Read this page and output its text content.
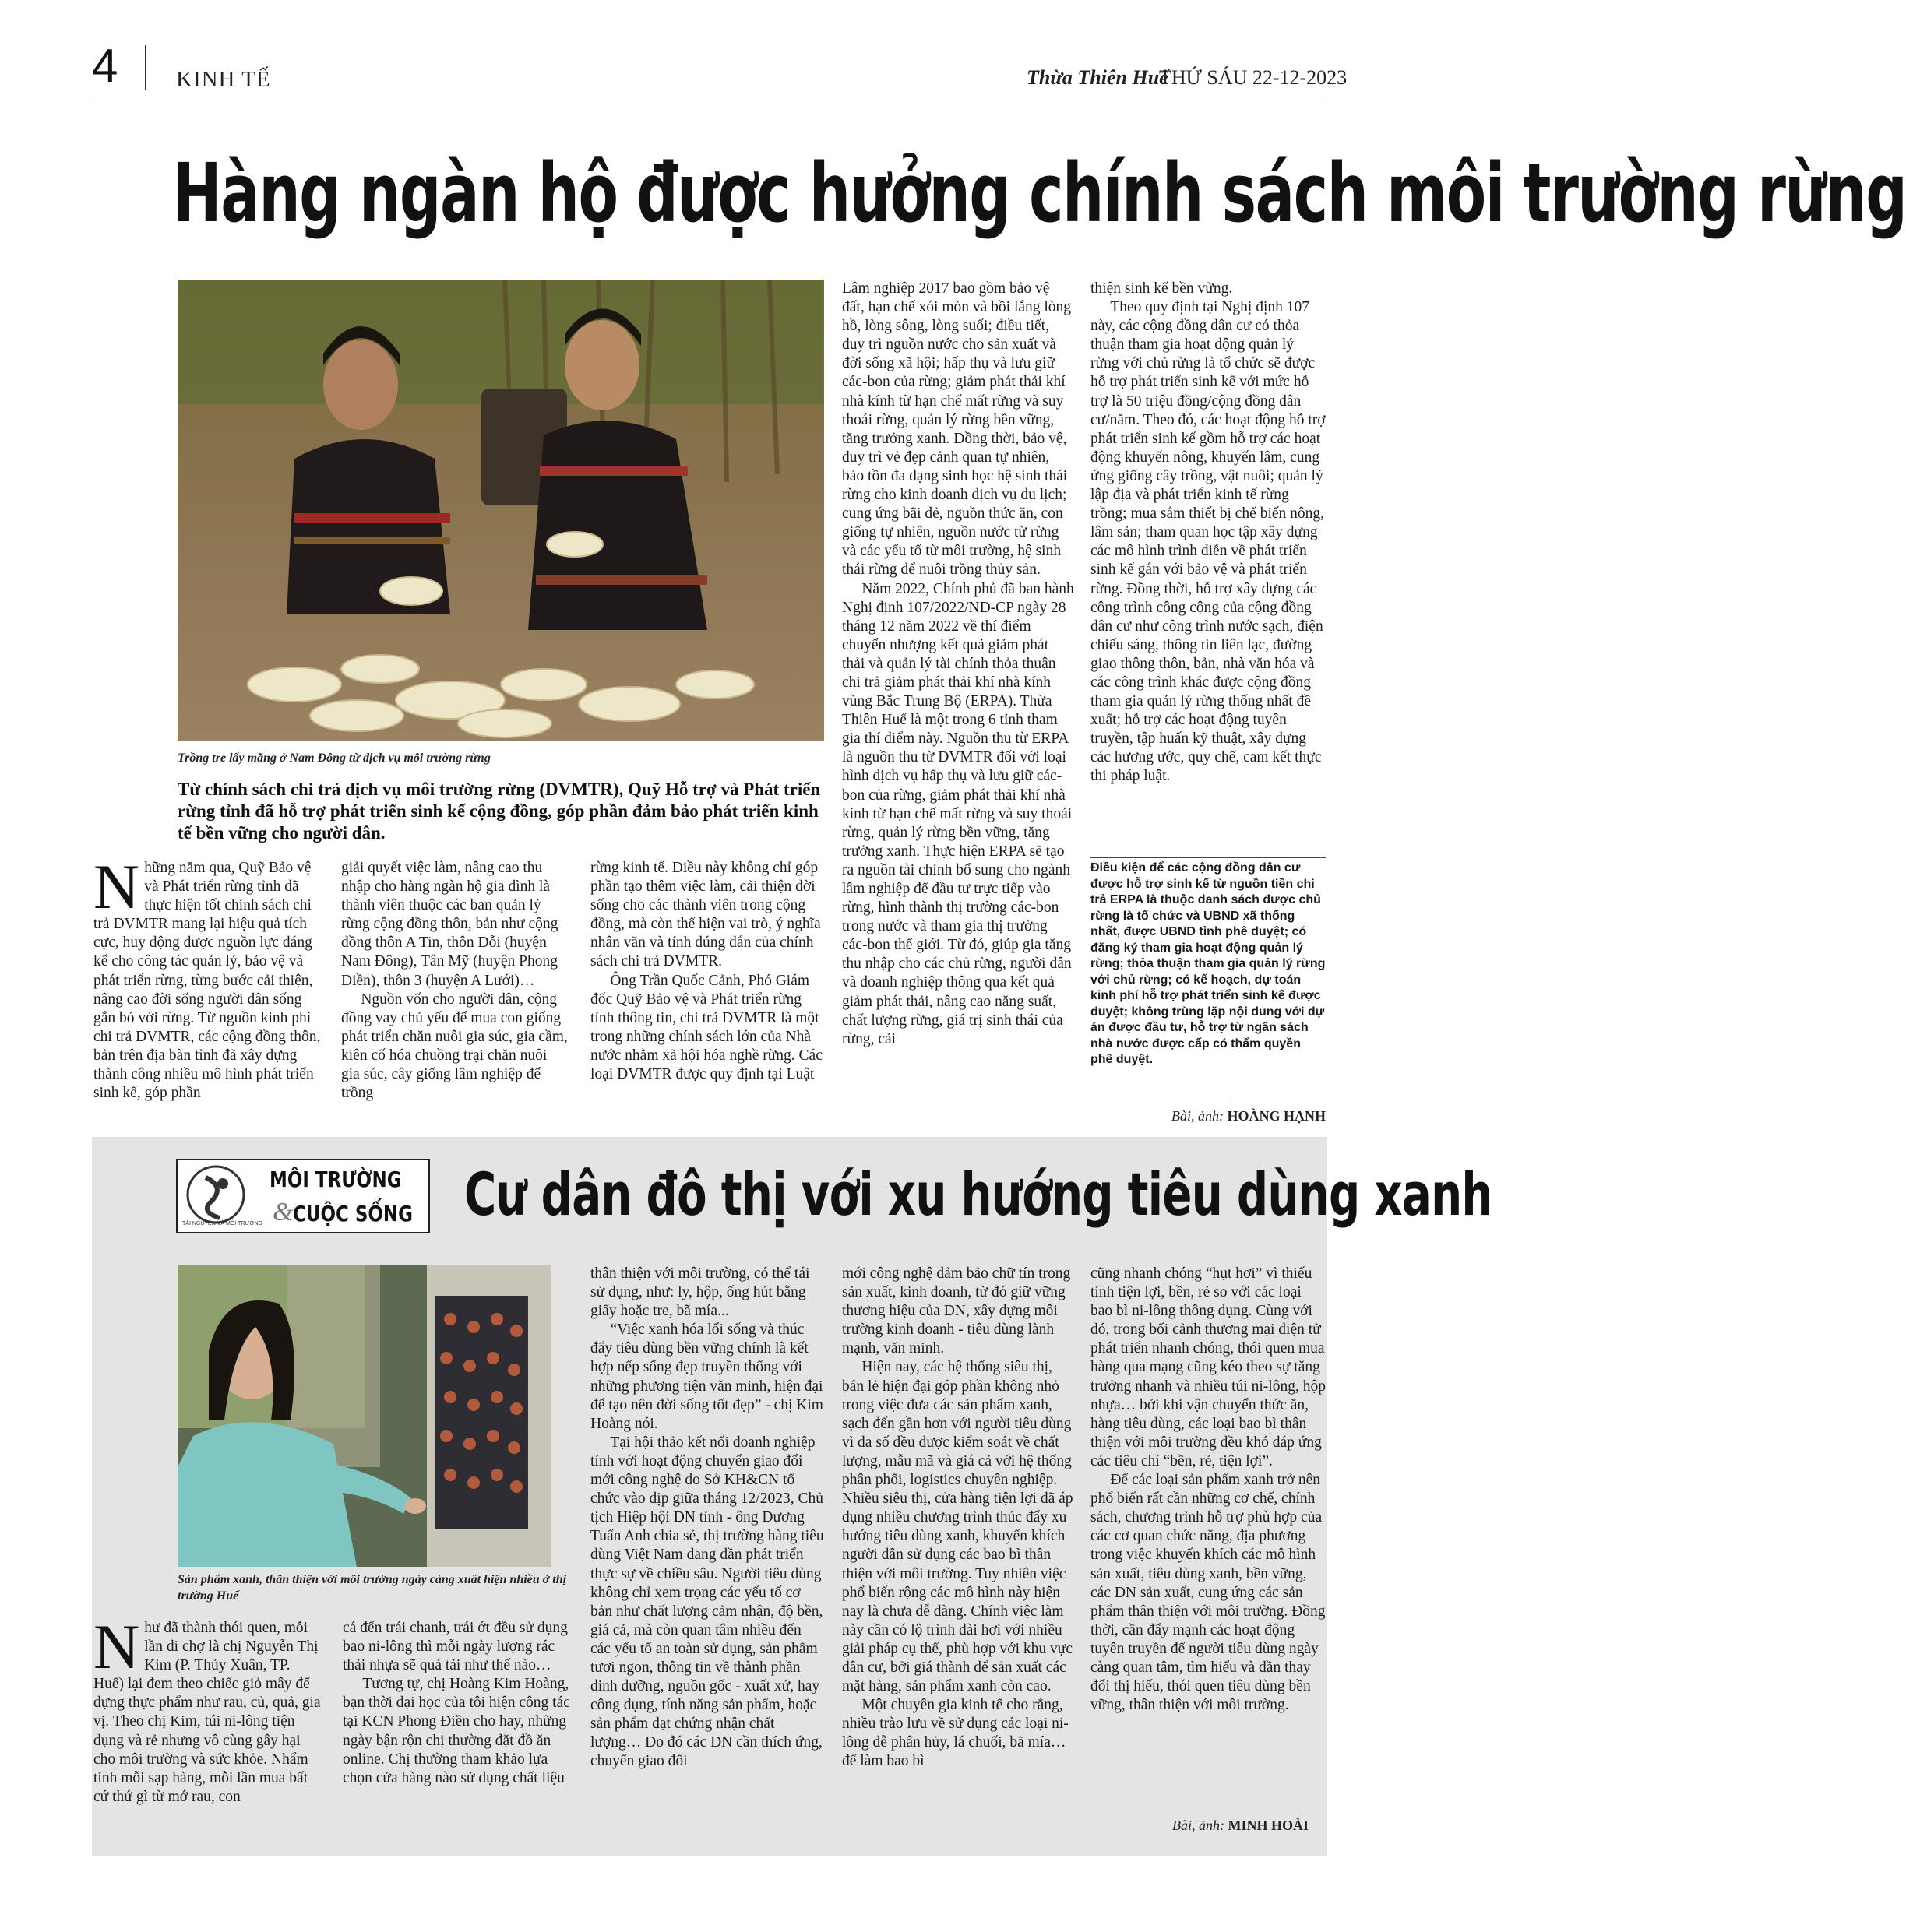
4	KINH TẾ	Thừa Thiên Huế
THỨ SÁU 22-12-2023
Hàng ngàn hộ được hưởng chính sách môi trường rừng
Trồng tre lấy măng ở Nam Đông từ dịch vụ môi trường rừng
Từ chính sách chi trả dịch vụ môi trường rừng (DVMTR), Quỹ Hỗ trợ và Phát triển rừng tỉnh đã hỗ trợ phát triển sinh kế cộng đồng, góp phần đảm bảo phát triển kinh tế bền vững cho người dân.

Những năm qua, Quỹ Bảo vệ và Phát triển rừng tỉnh đã thực hiện tốt chính sách chi trả DVMTR mang lại hiệu quả tích cực, huy động được nguồn lực đáng kể cho công tác quản lý, bảo vệ và phát triển rừng, từng bước cải thiện, nâng cao đời sống người dân sống gắn bó với rừng. Từ nguồn kinh phí chi trả DVMTR, các cộng đồng thôn, bản trên địa bàn tỉnh đã xây dựng thành công nhiều mô hình phát triển sinh kế, góp phần

giải quyết việc làm, nâng cao thu nhập cho hàng ngàn hộ gia đình là thành viên thuộc các ban quản lý rừng cộng đồng thôn, bản như cộng đồng thôn A Tin, thôn Dỗi (huyện Nam Đông), Tân Mỹ (huyện Phong Điền), thôn 3 (huyện A Lưới)…

Nguồn vốn cho người dân, cộng đồng vay chủ yếu để mua con giống phát triển chăn nuôi gia súc, gia cầm, kiên cố hóa chuồng trại chăn nuôi gia súc, cây giống lâm nghiệp để trồng

rừng kinh tế. Điều này không chỉ góp phần tạo thêm việc làm, cải thiện đời sống cho các thành viên trong cộng đồng, mà còn thể hiện vai trò, ý nghĩa nhân văn và tính đúng đắn của chính sách chi trả DVMTR.

Ông Trần Quốc Cảnh, Phó Giám đốc Quỹ Bảo vệ và Phát triển rừng tỉnh thông tin, chi trả DVMTR là một trong những chính sách lớn của Nhà nước nhằm xã hội hóa nghề rừng. Các loại DVMTR được quy định tại Luật

Lâm nghiệp 2017 bao gồm bảo vệ đất, hạn chế xói mòn và bồi lắng lòng hồ, lòng sông, lòng suối; điều tiết, duy trì nguồn nước cho sản xuất và đời sống xã hội; hấp thụ và lưu giữ các-bon của rừng; giảm phát thải khí nhà kính từ hạn chế mất rừng và suy thoái rừng, quản lý rừng bền vững, tăng trưởng xanh. Đồng thời, bảo vệ, duy trì vẻ đẹp cảnh quan tự nhiên, bảo tồn đa dạng sinh học hệ sinh thái rừng cho kinh doanh dịch vụ du lịch; cung ứng bãi đẻ, nguồn thức ăn, con giống tự nhiên, nguồn nước từ rừng và các yếu tố từ môi trường, hệ sinh thái rừng để nuôi trồng thủy sản.

Năm 2022, Chính phủ đã ban hành Nghị định 107/2022/NĐ-CP ngày 28 tháng 12 năm 2022 về thí điểm chuyển nhượng kết quả giảm phát thải và quản lý tài chính thỏa thuận chi trả giảm phát thải khí nhà kính vùng Bắc Trung Bộ (ERPA). Thừa Thiên Huế là một trong 6 tỉnh tham gia thí điểm này. Nguồn thu từ ERPA là nguồn thu từ DVMTR đối với loại hình dịch vụ hấp thụ và lưu giữ các-bon của rừng, giảm phát thải khí nhà kính từ hạn chế mất rừng và suy thoái rừng, quản lý rừng bền vững, tăng trưởng xanh. Thực hiện ERPA sẽ tạo ra nguồn tài chính bổ sung cho ngành lâm nghiệp để đầu tư trực tiếp vào rừng, hình thành thị trường các-bon trong nước và tham gia thị trường các-bon thế giới. Từ đó, giúp gia tăng thu nhập cho các chủ rừng, người dân và doanh nghiệp thông qua kết quả giảm phát thải, nâng cao năng suất, chất lượng rừng, giá trị sinh thái của rừng, cải

thiện sinh kế bền vững.

Theo quy định tại Nghị định 107 này, các cộng đồng dân cư có thỏa thuận tham gia hoạt động quản lý rừng với chủ rừng là tổ chức sẽ được hỗ trợ phát triển sinh kế với mức hỗ trợ là 50 triệu đồng/cộng đồng dân cư/năm. Theo đó, các hoạt động hỗ trợ phát triển sinh kế gồm hỗ trợ các hoạt động khuyến nông, khuyến lâm, cung ứng giống cây trồng, vật nuôi; quản lý lập địa và phát triển kinh tế rừng trồng; mua sắm thiết bị chế biến nông, lâm sản; tham quan học tập xây dựng các mô hình trình diễn về phát triển sinh kế gắn với bảo vệ và phát triển rừng. Đồng thời, hỗ trợ xây dựng các công trình công cộng của cộng đồng dân cư như công trình nước sạch, điện chiếu sáng, thông tin liên lạc, đường giao thông thôn, bản, nhà văn hóa và các công trình khác được cộng đồng tham gia quản lý rừng thống nhất đề xuất; hỗ trợ các hoạt động tuyên truyền, tập huấn kỹ thuật, xây dựng các hương ước, quy chế, cam kết thực thi pháp luật.

Điều kiện để các cộng đồng dân cư được hỗ trợ sinh kế từ nguồn tiền chi trả ERPA là thuộc danh sách được chủ rừng là tổ chức và UBND xã thống nhất, được UBND tỉnh phê duyệt; có đăng ký tham gia hoạt động quản lý rừng; thỏa thuận tham gia quản lý rừng với chủ rừng; có kế hoạch, dự toán kinh phí hỗ trợ phát triển sinh kế được duyệt; không trùng lặp nội dung với dự án được đầu tư, hỗ trợ từ ngân sách nhà nước được cấp có thẩm quyền phê duyệt.
Bài, ảnh: HOÀNG HẠNH
MÔI TRƯỜNG
& CUỘC SỐNG
TÀI NGUYÊN VÀ MÔI TRƯỜNG	Cư dân đô thị với xu hướng tiêu dùng xanh
Sản phẩm xanh, thân thiện với môi trường ngày càng xuất hiện nhiều ở thị trường Huế

Như đã thành thói quen, mỗi lần đi chợ là chị Nguyễn Thị Kim (P. Thủy Xuân, TP. Huế) lại đem theo chiếc giỏ mây để đựng thực phẩm như rau, củ, quả, gia vị. Theo chị Kim, túi ni-lông tiện dụng và rẻ nhưng vô cùng gây hại cho môi trường và sức khỏe. Nhẩm tính mỗi sạp hàng, mỗi lần mua bất cứ thứ gì từ mớ rau, con

cá đến trái chanh, trái ớt đều sử dụng bao ni-lông thì mỗi ngày lượng rác thải nhựa sẽ quá tải như thế nào…

Tương tự, chị Hoàng Kim Hoàng, bạn thời đại học của tôi hiện công tác tại KCN Phong Điền cho hay, những ngày bận rộn chị thường đặt đồ ăn online. Chị thường tham khảo lựa chọn cửa hàng nào sử dụng chất liệu

thân thiện với môi trường, có thể tái sử dụng, như: ly, hộp, ống hút bằng giấy hoặc tre, bã mía...

“Việc xanh hóa lối sống và thúc đẩy tiêu dùng bền vững chính là kết hợp nếp sống đẹp truyền thống với những phương tiện văn minh, hiện đại để tạo nên đời sống tốt đẹp” - chị Kim Hoàng nói.

Tại hội thảo kết nối doanh nghiệp tỉnh với hoạt động chuyển giao đổi mới công nghệ do Sở KH&CN tổ chức vào dịp giữa tháng 12/2023, Chủ tịch Hiệp hội DN tỉnh - ông Dương Tuấn Anh chia sẻ, thị trường hàng tiêu dùng Việt Nam đang dần phát triển thực sự về chiều sâu. Người tiêu dùng không chỉ xem trọng các yếu tố cơ bản như chất lượng cảm nhận, độ bền, giá cả, mà còn quan tâm nhiều đến các yếu tố an toàn sử dụng, sản phẩm tươi ngon, thông tin về thành phần dinh dưỡng, nguồn gốc - xuất xứ, hay công dụng, tính năng sản phẩm, hoặc sản phẩm đạt chứng nhận chất lượng… Do đó các DN cần thích ứng, chuyển giao đổi

mới công nghệ đảm bảo chữ tín trong sản xuất, kinh doanh, từ đó giữ vững thương hiệu của DN, xây dựng môi trường kinh doanh - tiêu dùng lành mạnh, văn minh.

Hiện nay, các hệ thống siêu thị, bán lẻ hiện đại góp phần không nhỏ trong việc đưa các sản phẩm xanh, sạch đến gần hơn với người tiêu dùng vì đa số đều được kiểm soát về chất lượng, mẫu mã và giá cả với hệ thống phân phối, logistics chuyên nghiệp. Nhiều siêu thị, cửa hàng tiện lợi đã áp dụng nhiều chương trình thúc đẩy xu hướng tiêu dùng xanh, khuyến khích người dân sử dụng các bao bì thân thiện với môi trường. Tuy nhiên việc phổ biến rộng các mô hình này hiện nay là chưa dễ dàng. Chính việc làm này cần có lộ trình dài hơi với nhiều giải pháp cụ thể, phù hợp với khu vực dân cư, bởi giá thành để sản xuất các mặt hàng, sản phẩm xanh còn cao.

Một chuyên gia kinh tế cho rằng, nhiều trào lưu về sử dụng các loại ni-lông dễ phân hủy, lá chuối, bã mía… để làm bao bì

cũng nhanh chóng “hụt hơi” vì thiếu tính tiện lợi, bền, rẻ so với các loại bao bì ni-lông thông dụng. Cùng với đó, trong bối cảnh thương mại điện tử phát triển nhanh chóng, thói quen mua hàng qua mạng cũng kéo theo sự tăng trưởng nhanh và nhiều túi ni-lông, hộp nhựa… bởi khi vận chuyển thức ăn, hàng tiêu dùng, các loại bao bì thân thiện với môi trường đều khó đáp ứng các tiêu chí “bền, rẻ, tiện lợi”.

Để các loại sản phẩm xanh trở nên phổ biến rất cần những cơ chế, chính sách, chương trình hỗ trợ phù hợp của các cơ quan chức năng, địa phương trong việc khuyến khích các mô hình sản xuất, tiêu dùng xanh, bền vững, các DN sản xuất, cung ứng các sản phẩm thân thiện với môi trường. Đồng thời, cần đẩy mạnh các hoạt động tuyên truyền để người tiêu dùng ngày càng quan tâm, tìm hiểu và dần thay đổi thị hiếu, thói quen tiêu dùng bền vững, thân thiện với môi trường.

Bài, ảnh: MINH HOÀI
